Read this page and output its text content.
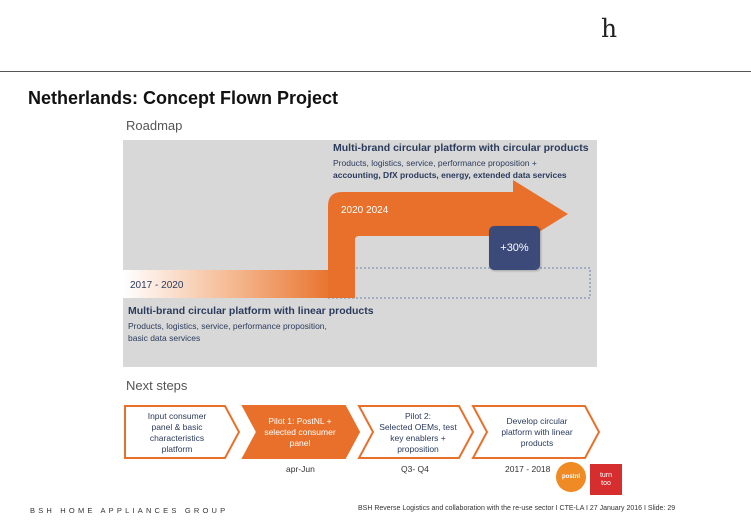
h
Netherlands: Concept Flown Project
Roadmap
Multi-brand circular platform with circular products
Products, logistics, service, performance proposition +
accounting, DfX products, energy, extended data services
2020 2024
+30%
2017 - 2020
Multi-brand circular platform with linear products
Products, logistics, service, performance proposition,
basic data services
Next steps
Input consumer
panel & basic
characteristics
platform
Pilot 1: PostNL +
selected consumer
panel
Pilot 2:
Selected OEMs, test
key enablers +
proposition
Develop circular
platform with linear
products
apr-Jun	Q3- Q4	2017 - 2018
postnl	turn
too
BSH HOME APPLIANCES GROUP	BSH Reverse Logistics and collaboration with the re-use sector I CTE-LA I 27 January 2016 I Slide: 29
